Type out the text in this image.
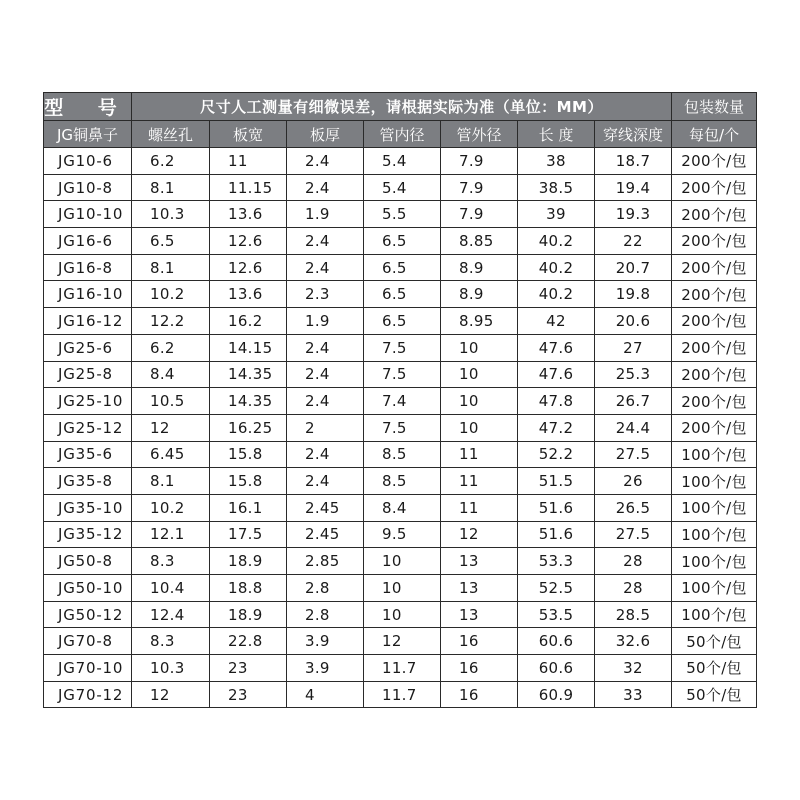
型 号	尺寸人工测量有细微误差，请根据实际为准（单位：MM）							包装数量
JG铜鼻子	螺丝孔	板宽	板厚	管内径	管外径	长 度	穿线深度	每包/个
JG10-6	6.2	11	2.4	5.4	7.9	38	18.7	200个/包
JG10-8	8.1	11.15	2.4	5.4	7.9	38.5	19.4	200个/包
JG10-10	10.3	13.6	1.9	5.5	7.9	39	19.3	200个/包
JG16-6	6.5	12.6	2.4	6.5	8.85	40.2	22	200个/包
JG16-8	8.1	12.6	2.4	6.5	8.9	40.2	20.7	200个/包
JG16-10	10.2	13.6	2.3	6.5	8.9	40.2	19.8	200个/包
JG16-12	12.2	16.2	1.9	6.5	8.95	42	20.6	200个/包
JG25-6	6.2	14.15	2.4	7.5	10	47.6	27	200个/包
JG25-8	8.4	14.35	2.4	7.5	10	47.6	25.3	200个/包
JG25-10	10.5	14.35	2.4	7.4	10	47.8	26.7	200个/包
JG25-12	12	16.25	2	7.5	10	47.2	24.4	200个/包
JG35-6	6.45	15.8	2.4	8.5	11	52.2	27.5	100个/包
JG35-8	8.1	15.8	2.4	8.5	11	51.5	26	100个/包
JG35-10	10.2	16.1	2.45	8.4	11	51.6	26.5	100个/包
JG35-12	12.1	17.5	2.45	9.5	12	51.6	27.5	100个/包
JG50-8	8.3	18.9	2.85	10	13	53.3	28	100个/包
JG50-10	10.4	18.8	2.8	10	13	52.5	28	100个/包
JG50-12	12.4	18.9	2.8	10	13	53.5	28.5	100个/包
JG70-8	8.3	22.8	3.9	12	16	60.6	32.6	50个/包
JG70-10	10.3	23	3.9	11.7	16	60.6	32	50个/包
JG70-12	12	23	4	11.7	16	60.9	33	50个/包
